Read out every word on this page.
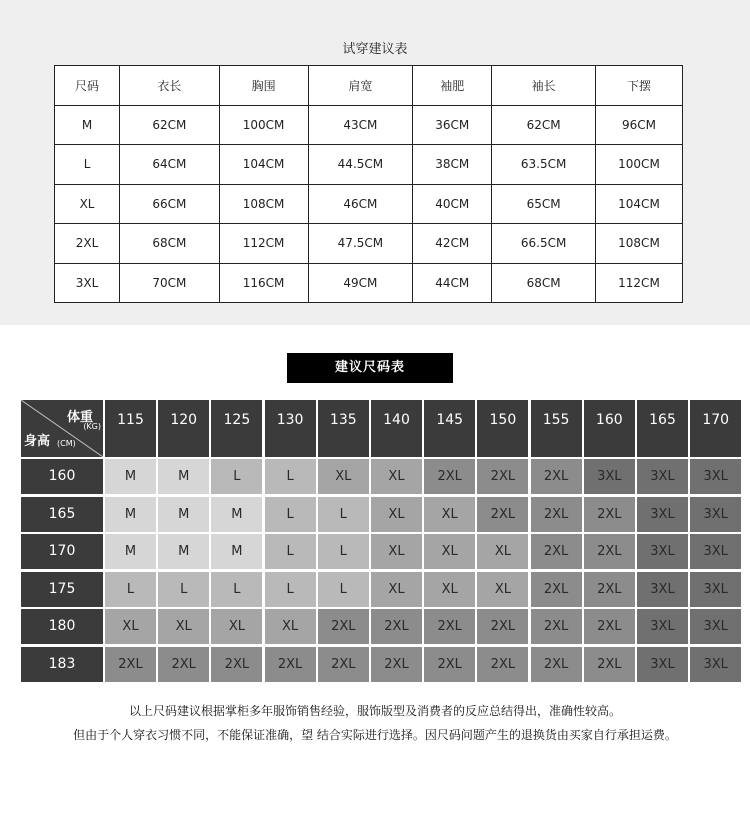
试穿建议表
尺码	衣长	胸围	肩宽	袖肥	袖长	下摆
M	62CM	100CM	43CM	36CM	62CM	96CM
L	64CM	104CM	44.5CM	38CM	63.5CM	100CM
XL	66CM	108CM	46CM	40CM	65CM	104CM
2XL	68CM	112CM	47.5CM	42CM	66.5CM	108CM
3XL	70CM	116CM	49CM	44CM	68CM	112CM
建议尺码表
体重
(KG)
身高 (CM)
115	120	125	130	135	140	145	150	155	160	165	170
160	M	M	L	L	XL	XL	2XL	2XL	2XL	3XL	3XL	3XL
165	M	M	M	L	L	XL	XL	2XL	2XL	2XL	3XL	3XL
170	M	M	M	L	L	XL	XL	XL	2XL	2XL	3XL	3XL
175	L	L	L	L	L	XL	XL	XL	2XL	2XL	3XL	3XL
180	XL	XL	XL	XL	2XL	2XL	2XL	2XL	2XL	2XL	3XL	3XL
183	2XL	2XL	2XL	2XL	2XL	2XL	2XL	2XL	2XL	2XL	3XL	3XL
以上尺码建议根据掌柜多年服饰销售经验，服饰版型及消费者的反应总结得出，准确性较高。
但由于个人穿衣习惯不同，不能保证准确，望 结合实际进行选择。因尺码问题产生的退换货由买家自行承担运费。
